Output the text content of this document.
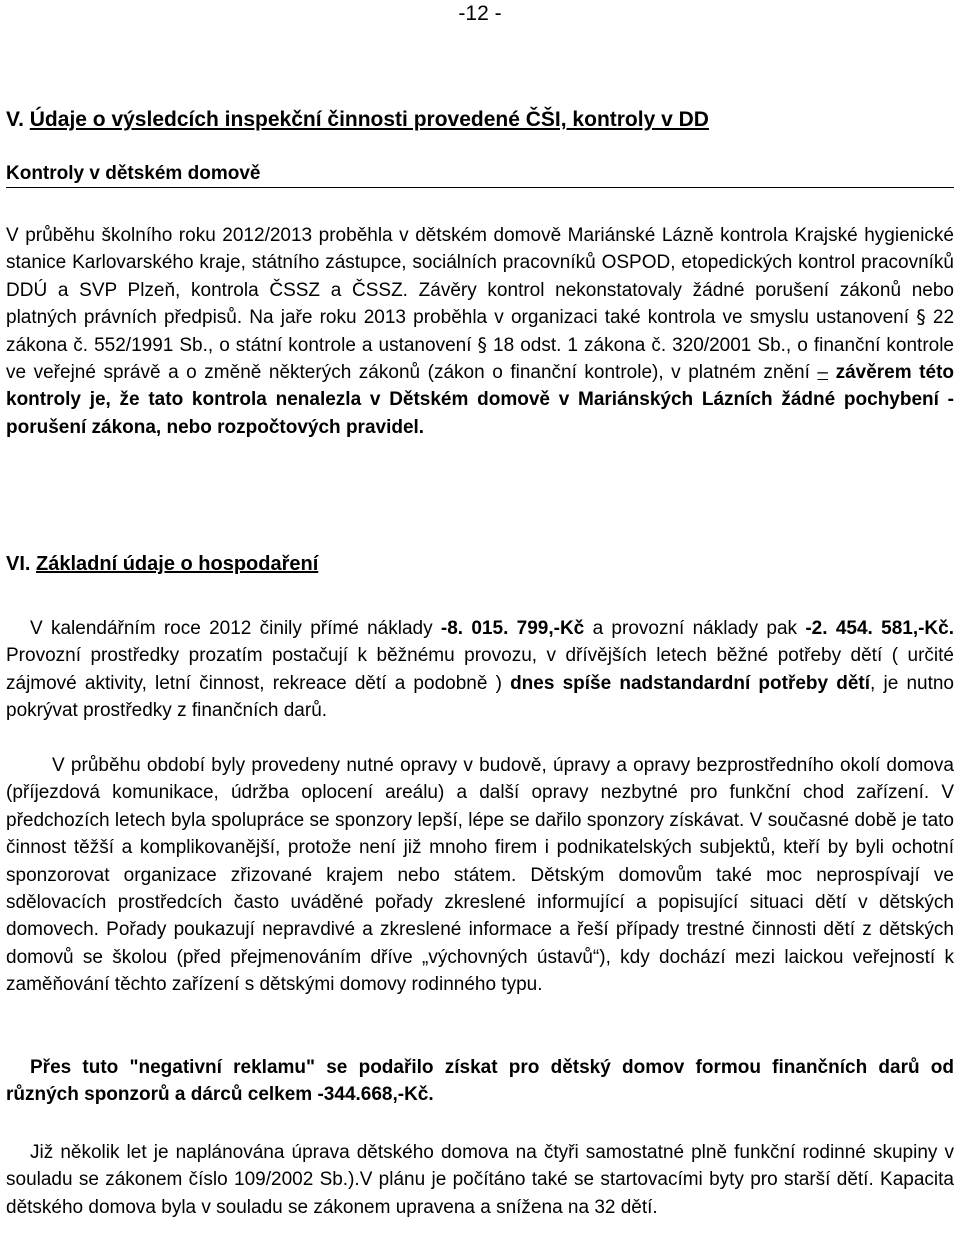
-12 -
V. Údaje o výsledcích inspekční činnosti provedené ČŠI, kontroly v DD
Kontroly v dětském domově
V průběhu školního roku 2012/2013 proběhla v dětském domově Mariánské Lázně kontrola Krajské hygienické stanice Karlovarského kraje, státního zástupce, sociálních pracovníků OSPOD, etopedických kontrol pracovníků DDÚ a SVP Plzeň, kontrola ČSSZ a ČSSZ. Závěry kontrol nekonstatovaly žádné porušení zákonů nebo platných právních předpisů. Na jaře roku 2013 proběhla v organizaci také kontrola ve smyslu ustanovení § 22 zákona č. 552/1991 Sb., o státní kontrole a ustanovení § 18 odst. 1 zákona č. 320/2001 Sb., o finanční kontrole ve veřejné správě a o změně některých zákonů (zákon o finanční kontrole), v platném znění – závěrem této kontroly je, že tato kontrola nenalezla v Dětském domově v Mariánských Lázních žádné pochybení - porušení zákona, nebo rozpočtových pravidel.
VI. Základní údaje o hospodaření
V kalendářním roce 2012 činily přímé náklady -8. 015. 799,-Kč a provozní náklady pak -2. 454. 581,-Kč. Provozní prostředky prozatím postačují k běžnému provozu, v dřívějších letech běžné potřeby dětí ( určité zájmové aktivity, letní činnost, rekreace dětí a podobně ) dnes spíše nadstandardní potřeby dětí, je nutno pokrývat prostředky z finančních darů.
V průběhu období byly provedeny nutné opravy v budově, úpravy a opravy bezprostředního okolí domova (příjezdová komunikace, údržba oplocení areálu) a další opravy nezbytné pro funkční chod zařízení. V předchozích letech byla spolupráce se sponzory lepší, lépe se dařilo sponzory získávat. V současné době je tato činnost těžší a komplikovanější, protože není již mnoho firem i podnikatelských subjektů, kteří by byli ochotní sponzorovat organizace zřizované krajem nebo státem. Dětským domovům také moc neprospívají ve sdělovacích prostředcích často uváděné pořady zkreslené informující a popisující situaci dětí v dětských domovech. Pořady poukazují nepravdivé a zkreslené informace a řeší případy trestné činnosti dětí z dětských domovů se školou (před přejmenováním dříve „výchovných ústavů“), kdy dochází mezi laickou veřejností k zaměňování těchto zařízení s dětskými domovy rodinného typu.
Přes tuto "negativní reklamu" se podařilo získat pro dětský domov formou finančních darů od různých sponzorů a dárců celkem -344.668,-Kč.
Již několik let je naplánována úprava dětského domova na čtyři samostatné plně funkční rodinné skupiny v souladu se zákonem číslo 109/2002 Sb.).V plánu je počítáno také se startovacími byty pro starší dětí. Kapacita dětského domova byla v souladu se zákonem upravena a snížena na 32 dětí.
